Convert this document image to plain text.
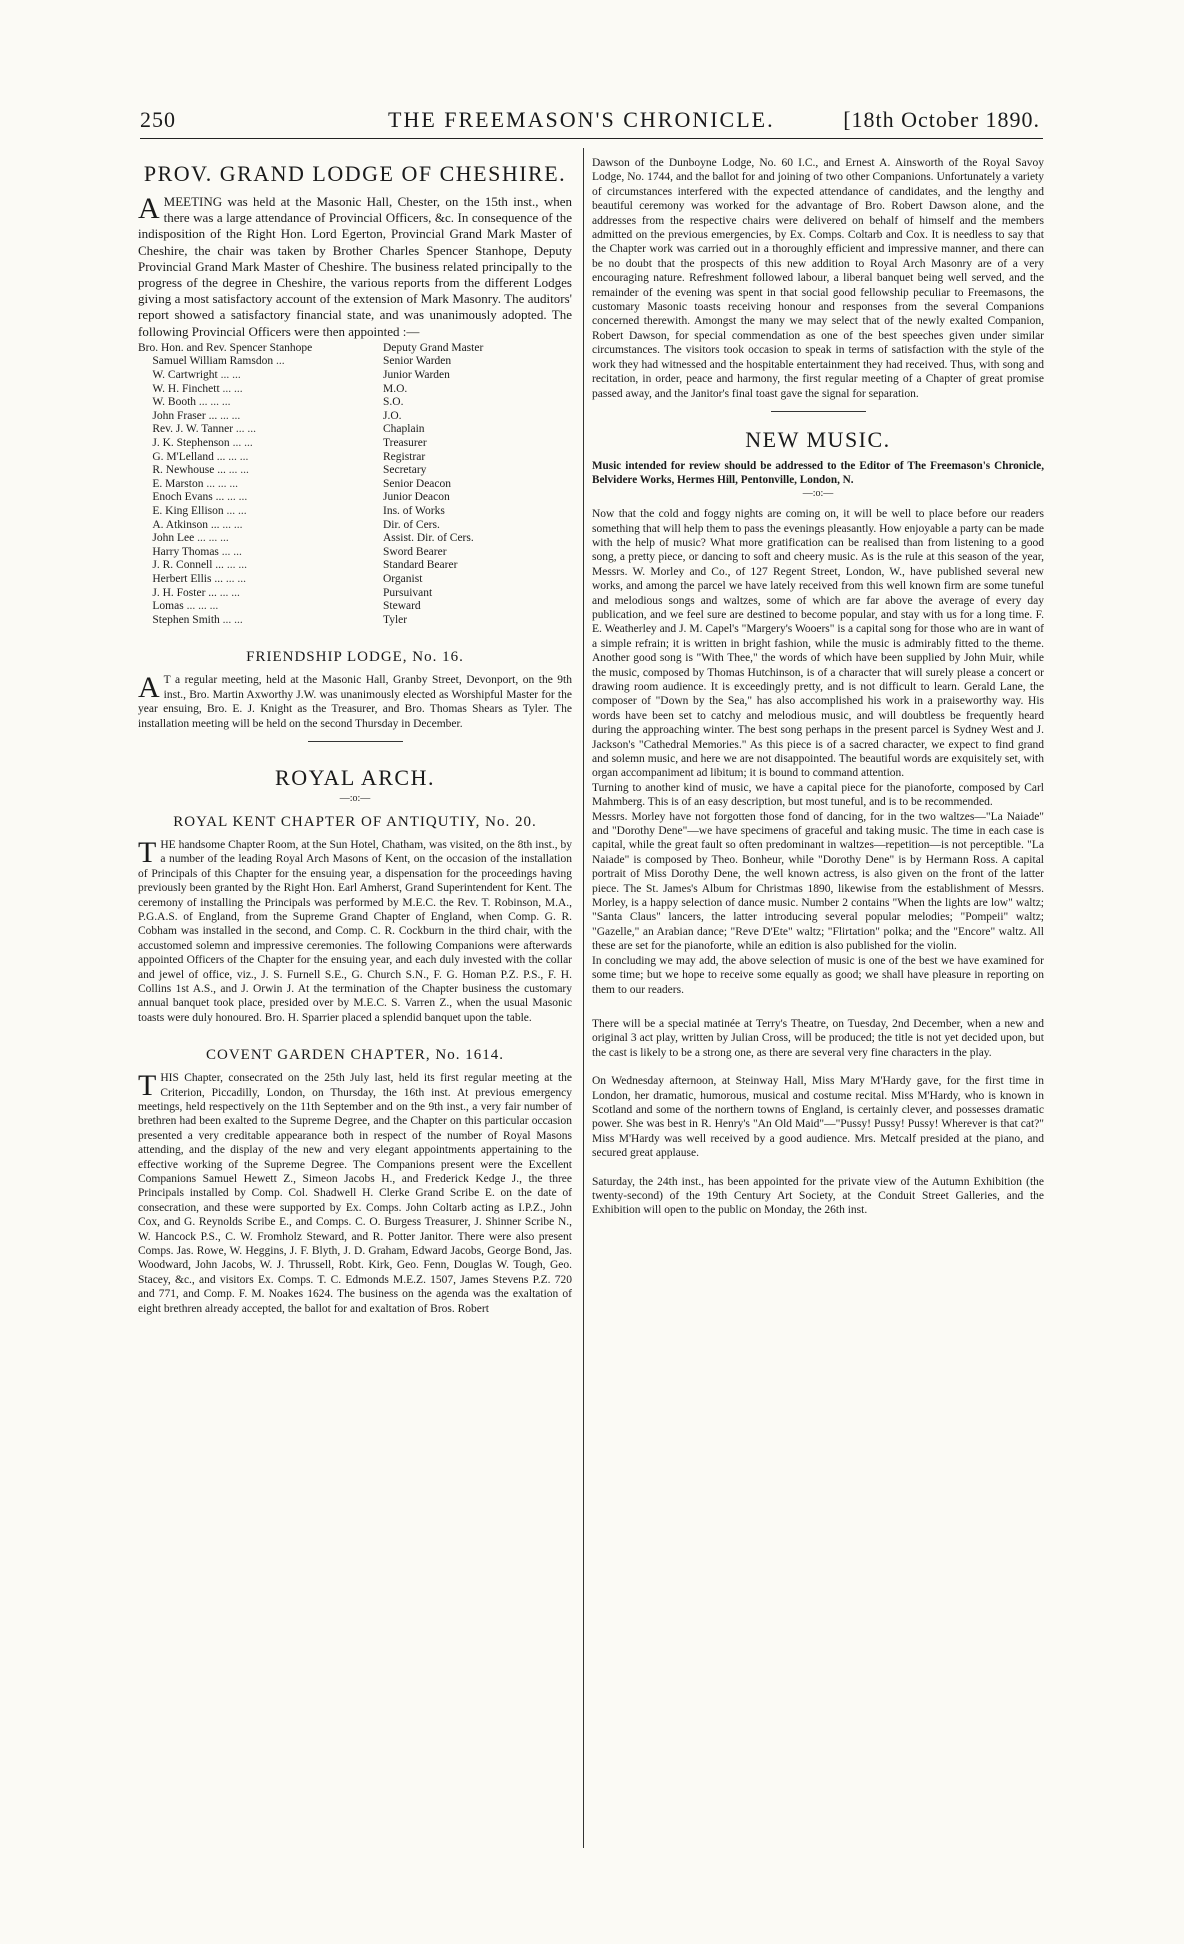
250	THE FREEMASON'S CHRONICLE.	[18th October 1890.
PROV. GRAND LODGE OF CHESHIRE.

AMEETING was held at the Masonic Hall, Chester, on the 15th inst., when there was a large attendance of Provincial Officers, &c. In consequence of the indisposition of the Right Hon. Lord Egerton, Provincial Grand Mark Master of Cheshire, the chair was taken by Brother Charles Spencer Stanhope, Deputy Provincial Grand Mark Master of Cheshire. The business related principally to the progress of the degree in Cheshire, the various reports from the different Lodges giving a most satisfactory account of the extension of Mark Masonry. The auditors' report showed a satisfactory financial state, and was unanimously adopted. The following Provincial Officers were then appointed :—

Bro. Hon. and Rev. Spencer Stanhope	Deputy Grand Master
Samuel William Ramsdon ...	Senior Warden
W. Cartwright ... ...	Junior Warden
W. H. Finchett ... ...	M.O.
W. Booth ... ... ...	S.O.
John Fraser ... ... ...	J.O.
Rev. J. W. Tanner ... ...	Chaplain
J. K. Stephenson ... ...	Treasurer
G. M'Lelland ... ... ...	Registrar
R. Newhouse ... ... ...	Secretary
E. Marston ... ... ...	Senior Deacon
Enoch Evans ... ... ...	Junior Deacon
E. King Ellison ... ...	Ins. of Works
A. Atkinson ... ... ...	Dir. of Cers.
John Lee ... ... ...	Assist. Dir. of Cers.
Harry Thomas ... ...	Sword Bearer
J. R. Connell ... ... ...	Standard Bearer
Herbert Ellis ... ... ...	Organist
J. H. Foster ... ... ...	Pursuivant
Lomas ... ... ...	Steward
Stephen Smith ... ...	Tyler
FRIENDSHIP LODGE, No. 16.

A T a regular meeting, held at the Masonic Hall, Granby Street, Devonport, on the 9th inst., Bro. Martin Axworthy J.W. was unanimously elected as Worshipful Master for the year ensuing, Bro. E. J. Knight as the Treasurer, and Bro. Thomas Shears as Tyler. The installation meeting will be held on the second Thursday in December.

ROYAL ARCH.
—:o:—
ROYAL KENT CHAPTER OF ANTIQUTIY, No. 20.

THE handsome Chapter Room, at the Sun Hotel, Chatham, was visited, on the 8th inst., by a number of the leading Royal Arch Masons of Kent, on the occasion of the installation of Principals of this Chapter for the ensuing year, a dispensation for the proceedings having previously been granted by the Right Hon. Earl Amherst, Grand Superintendent for Kent. The ceremony of installing the Principals was performed by M.E.C. the Rev. T. Robinson, M.A., P.G.A.S. of England, from the Supreme Grand Chapter of England, when Comp. G. R. Cobham was installed in the second, and Comp. C. R. Cockburn in the third chair, with the accustomed solemn and impressive ceremonies. The following Companions were afterwards appointed Officers of the Chapter for the ensuing year, and each duly invested with the collar and jewel of office, viz., J. S. Furnell S.E., G. Church S.N., F. G. Homan P.Z. P.S., F. H. Collins 1st A.S., and J. Orwin J. At the termination of the Chapter business the customary annual banquet took place, presided over by M.E.C. S. Varren Z., when the usual Masonic toasts were duly honoured. Bro. H. Sparrier placed a splendid banquet upon the table.

COVENT GARDEN CHAPTER, No. 1614.

THIS Chapter, consecrated on the 25th July last, held its first regular meeting at the Criterion, Piccadilly, London, on Thursday, the 16th inst. At previous emergency meetings, held respectively on the 11th September and on the 9th inst., a very fair number of brethren had been exalted to the Supreme Degree, and the Chapter on this particular occasion presented a very creditable appearance both in respect of the number of Royal Masons attending, and the display of the new and very elegant appointments appertaining to the effective working of the Supreme Degree. The Companions present were the Excellent Companions Samuel Hewett Z., Simeon Jacobs H., and Frederick Kedge J., the three Principals installed by Comp. Col. Shadwell H. Clerke Grand Scribe E. on the date of consecration, and these were supported by Ex. Comps. John Coltarb acting as I.P.Z., John Cox, and G. Reynolds Scribe E., and Comps. C. O. Burgess Treasurer, J. Shinner Scribe N., W. Hancock P.S., C. W. Fromholz Steward, and R. Potter Janitor. There were also present Comps. Jas. Rowe, W. Heggins, J. F. Blyth, J. D. Graham, Edward Jacobs, George Bond, Jas. Woodward, John Jacobs, W. J. Thrussell, Robt. Kirk, Geo. Fenn, Douglas W. Tough, Geo. Stacey, &c., and visitors Ex. Comps. T. C. Edmonds M.E.Z. 1507, James Stevens P.Z. 720 and 771, and Comp. F. M. Noakes 1624. The business on the agenda was the exaltation of eight brethren already accepted, the ballot for and exaltation of Bros. Robert

Dawson of the Dunboyne Lodge, No. 60 I.C., and Ernest A. Ainsworth of the Royal Savoy Lodge, No. 1744, and the ballot for and joining of two other Companions. Unfortunately a variety of circumstances interfered with the expected attendance of candidates, and the lengthy and beautiful ceremony was worked for the advantage of Bro. Robert Dawson alone, and the addresses from the respective chairs were delivered on behalf of himself and the members admitted on the previous emergencies, by Ex. Comps. Coltarb and Cox. It is needless to say that the Chapter work was carried out in a thoroughly efficient and impressive manner, and there can be no doubt that the prospects of this new addition to Royal Arch Masonry are of a very encouraging nature. Refreshment followed labour, a liberal banquet being well served, and the remainder of the evening was spent in that social good fellowship peculiar to Freemasons, the customary Masonic toasts receiving honour and responses from the several Companions concerned therewith. Amongst the many we may select that of the newly exalted Companion, Robert Dawson, for special commendation as one of the best speeches given under similar circumstances. The visitors took occasion to speak in terms of satisfaction with the style of the work they had witnessed and the hospitable entertainment they had received. Thus, with song and recitation, in order, peace and harmony, the first regular meeting of a Chapter of great promise passed away, and the Janitor's final toast gave the signal for separation.

NEW MUSIC.

Music intended for review should be addressed to the Editor of The Freemason's Chronicle, Belvidere Works, Hermes Hill, Pentonville, London, N.

—:o:—

Now that the cold and foggy nights are coming on, it will be well to place before our readers something that will help them to pass the evenings pleasantly. How enjoyable a party can be made with the help of music? What more gratification can be realised than from listening to a good song, a pretty piece, or dancing to soft and cheery music. As is the rule at this season of the year, Messrs. W. Morley and Co., of 127 Regent Street, London, W., have published several new works, and among the parcel we have lately received from this well known firm are some tuneful and melodious songs and waltzes, some of which are far above the average of every day publication, and we feel sure are destined to become popular, and stay with us for a long time. F. E. Weatherley and J. M. Capel's "Margery's Wooers" is a capital song for those who are in want of a simple refrain; it is written in bright fashion, while the music is admirably fitted to the theme. Another good song is "With Thee," the words of which have been supplied by John Muir, while the music, composed by Thomas Hutchinson, is of a character that will surely please a concert or drawing room audience. It is exceedingly pretty, and is not difficult to learn. Gerald Lane, the composer of "Down by the Sea," has also accomplished his work in a praiseworthy way. His words have been set to catchy and melodious music, and will doubtless be frequently heard during the approaching winter. The best song perhaps in the present parcel is Sydney West and J. Jackson's "Cathedral Memories." As this piece is of a sacred character, we expect to find grand and solemn music, and here we are not disappointed. The beautiful words are exquisitely set, with organ accompaniment ad libitum; it is bound to command attention.

Turning to another kind of music, we have a capital piece for the pianoforte, composed by Carl Mahmberg. This is of an easy description, but most tuneful, and is to be recommended.

Messrs. Morley have not forgotten those fond of dancing, for in the two waltzes—"La Naiade" and "Dorothy Dene"—we have specimens of graceful and taking music. The time in each case is capital, while the great fault so often predominant in waltzes—repetition—is not perceptible. "La Naiade" is composed by Theo. Bonheur, while "Dorothy Dene" is by Hermann Ross. A capital portrait of Miss Dorothy Dene, the well known actress, is also given on the front of the latter piece. The St. James's Album for Christmas 1890, likewise from the establishment of Messrs. Morley, is a happy selection of dance music. Number 2 contains "When the lights are low" waltz; "Santa Claus" lancers, the latter introducing several popular melodies; "Pompeii" waltz; "Gazelle," an Arabian dance; "Reve D'Ete" waltz; "Flirtation" polka; and the "Encore" waltz. All these are set for the pianoforte, while an edition is also published for the violin.

In concluding we may add, the above selection of music is one of the best we have examined for some time; but we hope to receive some equally as good; we shall have pleasure in reporting on them to our readers.

There will be a special matinée at Terry's Theatre, on Tuesday, 2nd December, when a new and original 3 act play, written by Julian Cross, will be produced; the title is not yet decided upon, but the cast is likely to be a strong one, as there are several very fine characters in the play.

On Wednesday afternoon, at Steinway Hall, Miss Mary M'Hardy gave, for the first time in London, her dramatic, humorous, musical and costume recital. Miss M'Hardy, who is known in Scotland and some of the northern towns of England, is certainly clever, and possesses dramatic power. She was best in R. Henry's "An Old Maid"—"Pussy! Pussy! Pussy! Wherever is that cat?" Miss M'Hardy was well received by a good audience. Mrs. Metcalf presided at the piano, and secured great applause.

Saturday, the 24th inst., has been appointed for the private view of the Autumn Exhibition (the twenty-second) of the 19th Century Art Society, at the Conduit Street Galleries, and the Exhibition will open to the public on Monday, the 26th inst.
